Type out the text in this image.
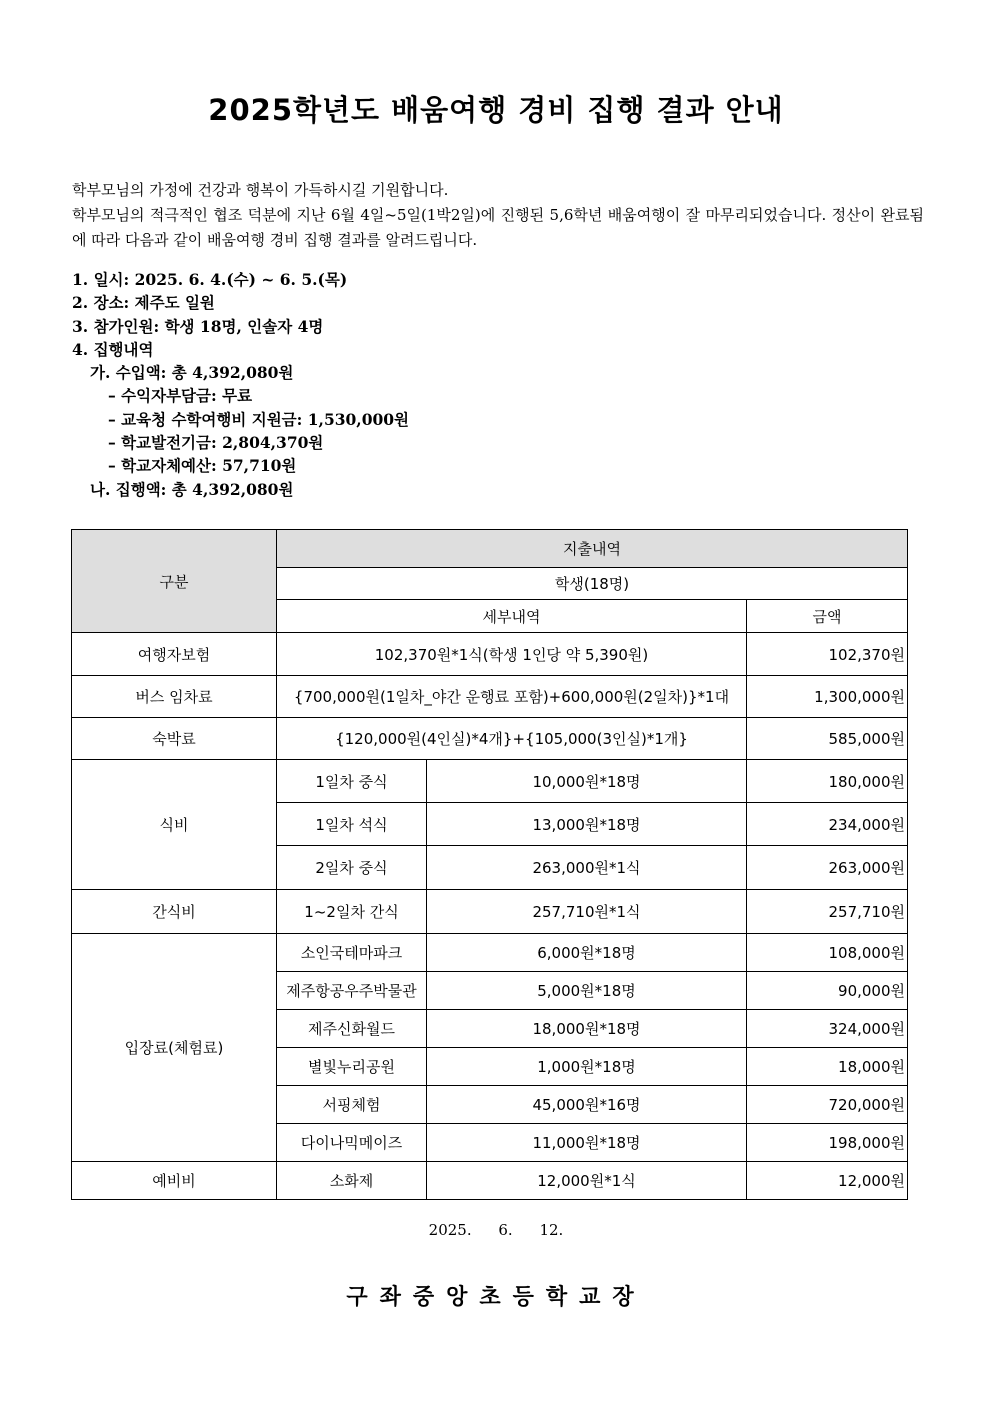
2025학년도 배움여행 경비 집행 결과 안내

학부모님의 가정에 건강과 행복이 가득하시길 기원합니다.

학부모님의 적극적인 협조 덕분에 지난 6월 4일~5일(1박2일)에 진행된 5,6학년 배움여행이 잘 마무리되었습니다. 정산이 완료됨에 따라 다음과 같이 배움여행 경비 집행 결과를 알려드립니다.

1. 일시: 2025. 6. 4.(수) ~ 6. 5.(목)
2. 장소: 제주도 일원
3. 참가인원: 학생 18명, 인솔자 4명
4. 집행내역
가. 수입액: 총 4,392,080원
– 수익자부담금: 무료
– 교육청 수학여행비 지원금: 1,530,000원
– 학교발전기금: 2,804,370원
– 학교자체예산: 57,710원
나. 집행액: 총 4,392,080원
구분	지출내역		
	학생(18명)		
	세부내역		금액
여행자보험	102,370원*1식(학생 1인당 약 5,390원)		102,370원
버스 임차료	{700,000원(1일차_야간 운행료 포함)+600,000원(2일차)}*1대		1,300,000원
숙박료	{120,000원(4인실)*4개}+{105,000(3인실)*1개}		585,000원
식비	1일차 중식	10,000원*18명	180,000원
	1일차 석식	13,000원*18명	234,000원
	2일차 중식	263,000원*1식	263,000원
간식비	1~2일차 간식	257,710원*1식	257,710원
입장료(체험료)	소인국테마파크	6,000원*18명	108,000원
	제주항공우주박물관	5,000원*18명	90,000원
	제주신화월드	18,000원*18명	324,000원
	별빛누리공원	1,000원*18명	18,000원
	서핑체험	45,000원*16명	720,000원
	다이나믹메이즈	11,000원*18명	198,000원
예비비	소화제	12,000원*1식	12,000원
2025. 6. 12.
구좌중앙초등학교장
